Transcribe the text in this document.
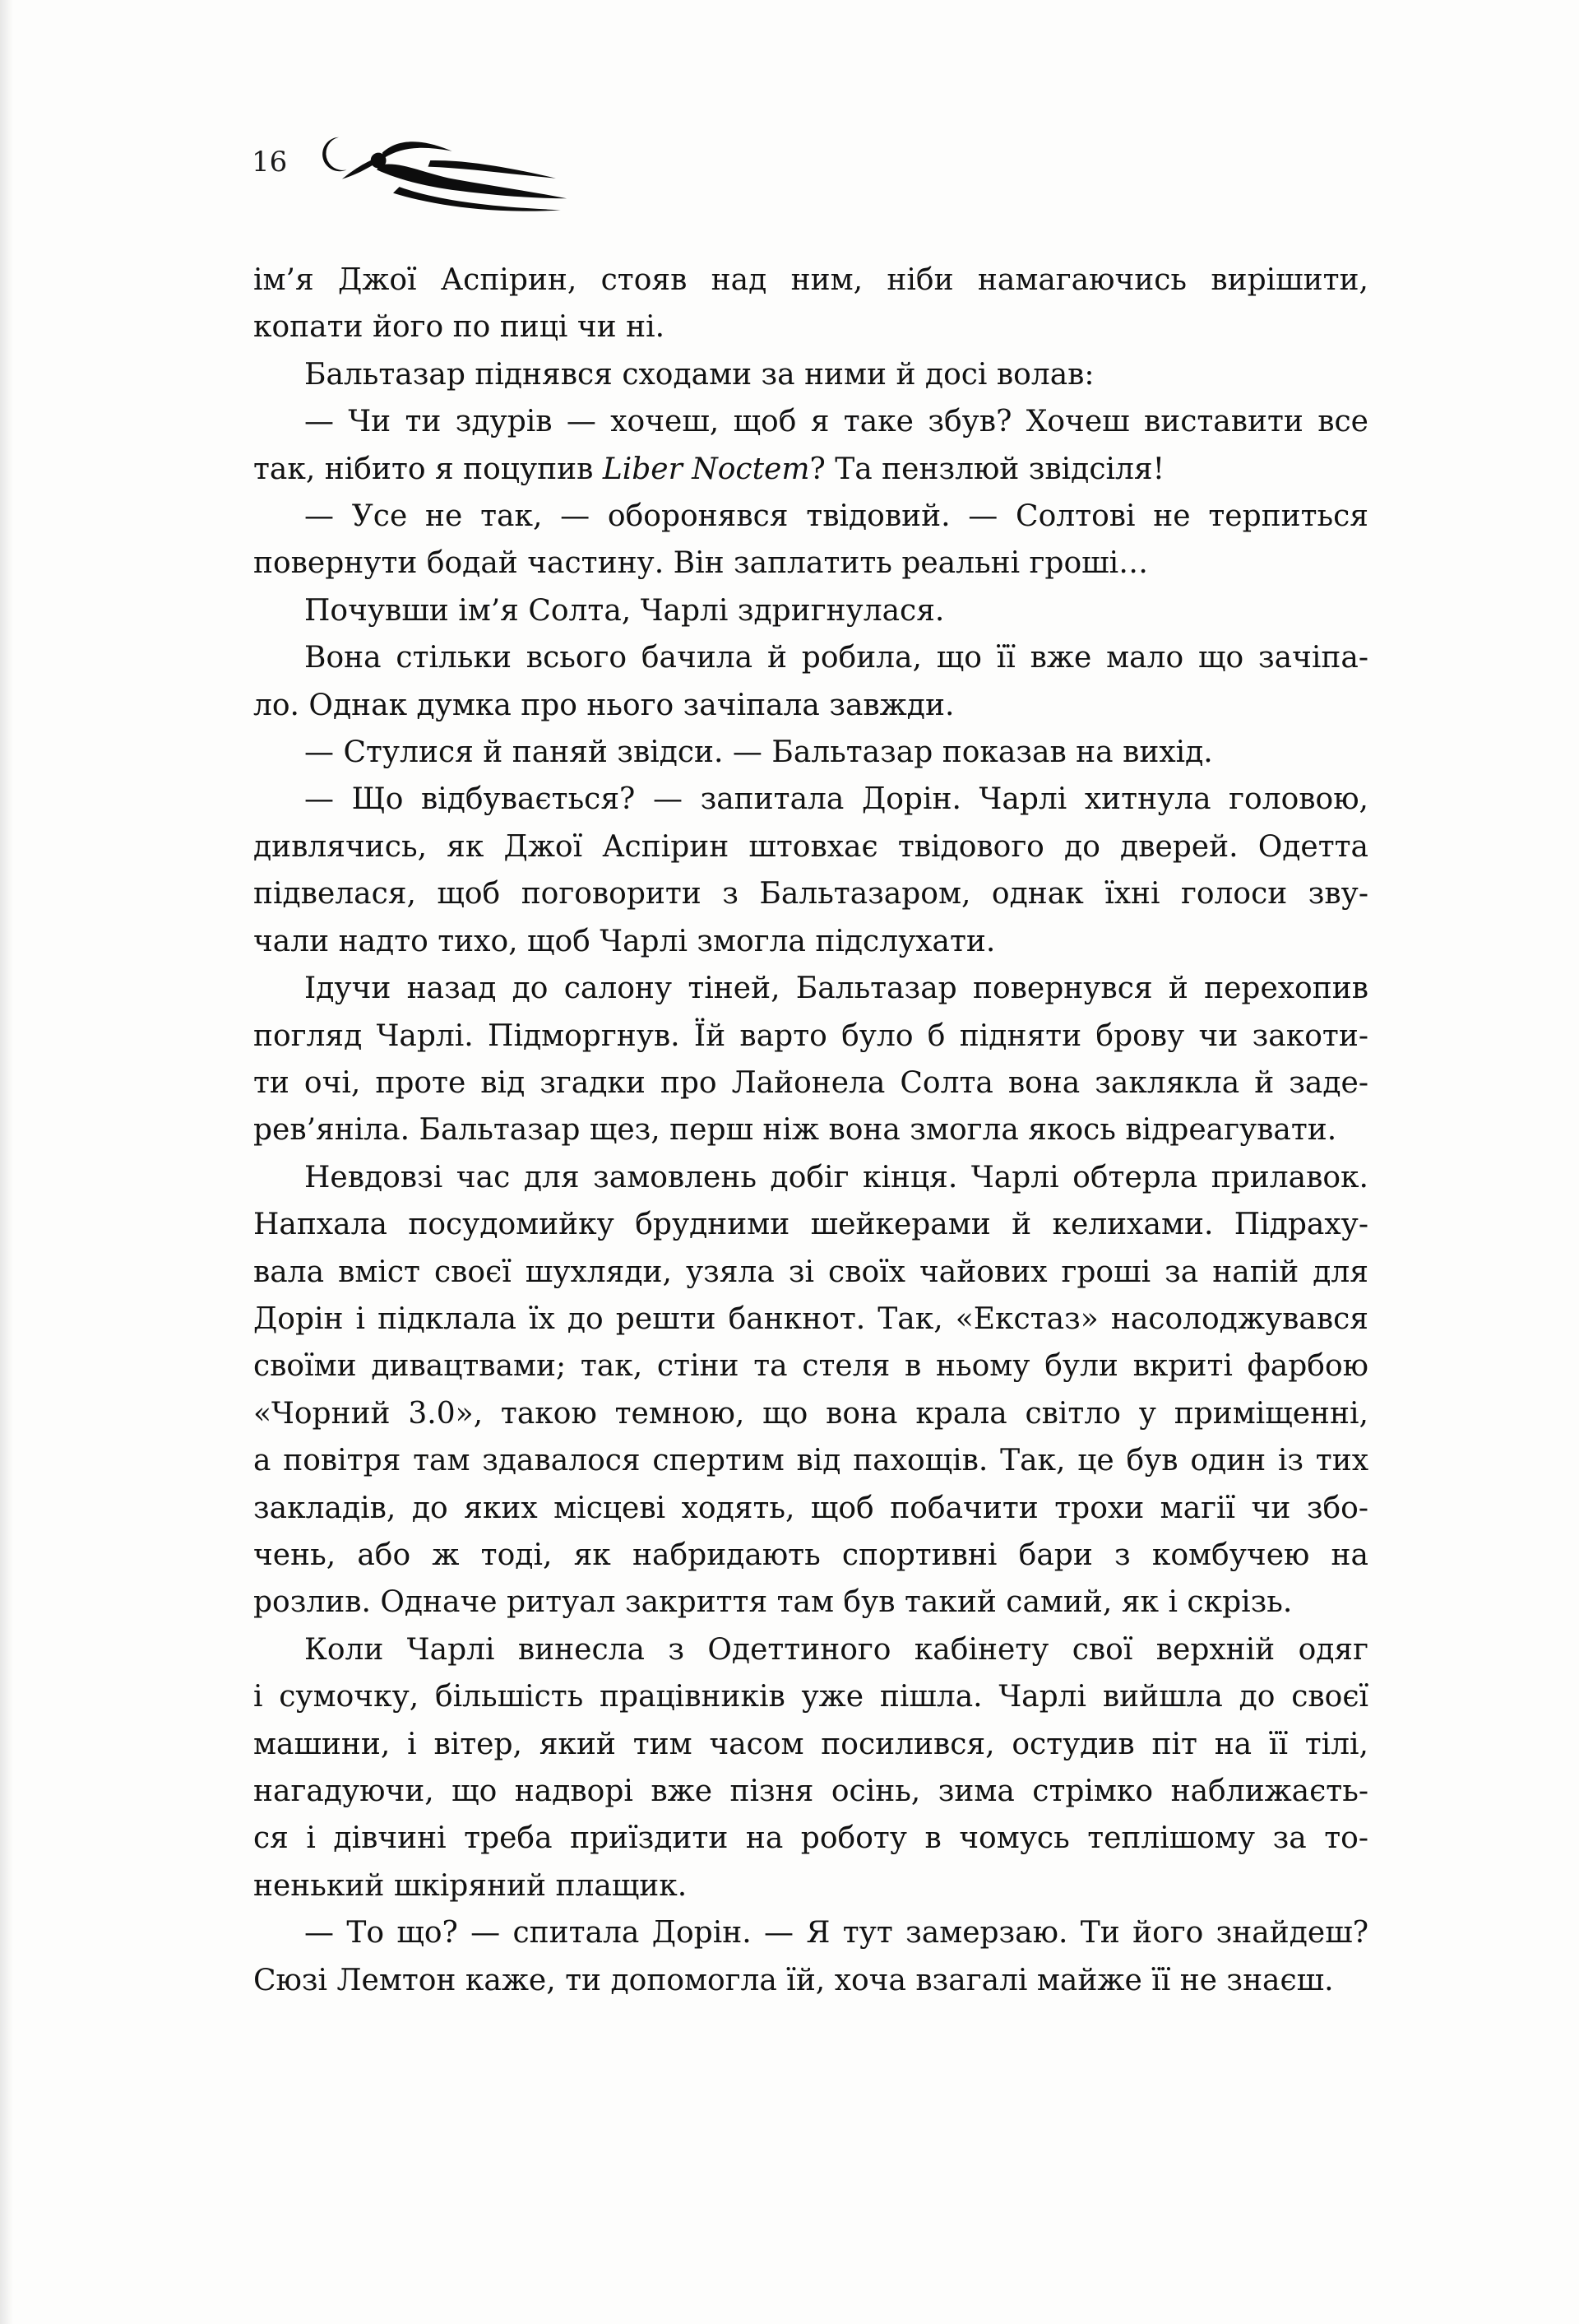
16
ім’я Джої Аспірин, стояв над ним, ніби намагаючись вирішити,
копати його по пиці чи ні.
Бальтазар піднявся сходами за ними й досі волав:
— Чи ти здурів — хочеш, щоб я таке збув? Хочеш виставити все
так, нібито я поцупив Liber Noctem? Та пензлюй звідсіля!
— Усе не так, — оборонявся твідовий. — Солтові не терпиться
повернути бодай частину. Він заплатить реальні гроші…
Почувши ім’я Солта, Чарлі здригнулася.
Вона стільки всього бачила й робила, що її вже мало що зачіпа-
ло. Однак думка про нього зачіпала завжди.
— Стулися й паняй звідси. — Бальтазар показав на вихід.
— Що відбувається? — запитала Дорін. Чарлі хитнула головою,
дивлячись, як Джої Аспірин штовхає твідового до дверей. Одетта
підвелася, щоб поговорити з Бальтазаром, однак їхні голоси зву-
чали надто тихо, щоб Чарлі змогла підслухати.
Ідучи назад до салону тіней, Бальтазар повернувся й перехопив
погляд Чарлі. Підморгнув. Їй варто було б підняти брову чи закоти-
ти очі, проте від згадки про Лайонела Солта вона заклякла й заде-
рев’яніла. Бальтазар щез, перш ніж вона змогла якось відреагувати.
Невдовзі час для замовлень добіг кінця. Чарлі обтерла прилавок.
Напхала посудомийку брудними шейкерами й келихами. Підраху-
вала вміст своєї шухляди, узяла зі своїх чайових гроші за напій для
Дорін і підклала їх до решти банкнот. Так, «Екстаз» насолоджувався
своїми дивацтвами; так, стіни та стеля в ньому були вкриті фарбою
«Чорний 3.0», такою темною, що вона крала світло у приміщенні,
а повітря там здавалося спертим від пахощів. Так, це був один із тих
закладів, до яких місцеві ходять, щоб побачити трохи магії чи збо-
чень, або ж тоді, як набридають спортивні бари з комбучею на
розлив. Одначе ритуал закриття там був такий самий, як і скрізь.
Коли Чарлі винесла з Одеттиного кабінету свої верхній одяг
і сумочку, більшість працівників уже пішла. Чарлі вийшла до своєї
машини, і вітер, який тим часом посилився, остудив піт на її тілі,
нагадуючи, що надворі вже пізня осінь, зима стрімко наближаєть-
ся і дівчині треба приїздити на роботу в чомусь теплішому за то-
ненький шкіряний плащик.
— То що? — спитала Дорін. — Я тут замерзаю. Ти його знайдеш?
Сюзі Лемтон каже, ти допомогла їй, хоча взагалі майже її не знаєш.
